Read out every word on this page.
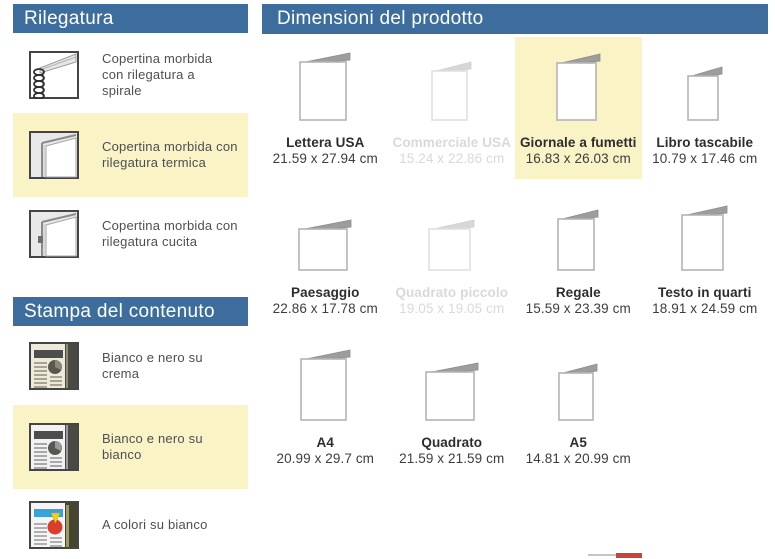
Rilegatura
Copertina morbida con rilegatura a spirale
Copertina morbida con rilegatura termica
Copertina morbida con rilegatura cucita
Stampa del contenuto
Bianco e nero su crema
Bianco e nero su bianco
A colori su bianco
Dimensioni del prodotto
Lettera USA
21.59 x 27.94 cm
Commerciale USA
15.24 x 22.86 cm
Giornale a fumetti
16.83 x 26.03 cm
Libro tascabile
10.79 x 17.46 cm
Paesaggio
22.86 x 17.78 cm
Quadrato piccolo
19.05 x 19.05 cm
Regale
15.59 x 23.39 cm
Testo in quarti
18.91 x 24.59 cm
A4
20.99 x 29.7 cm
Quadrato
21.59 x 21.59 cm
A5
14.81 x 20.99 cm
